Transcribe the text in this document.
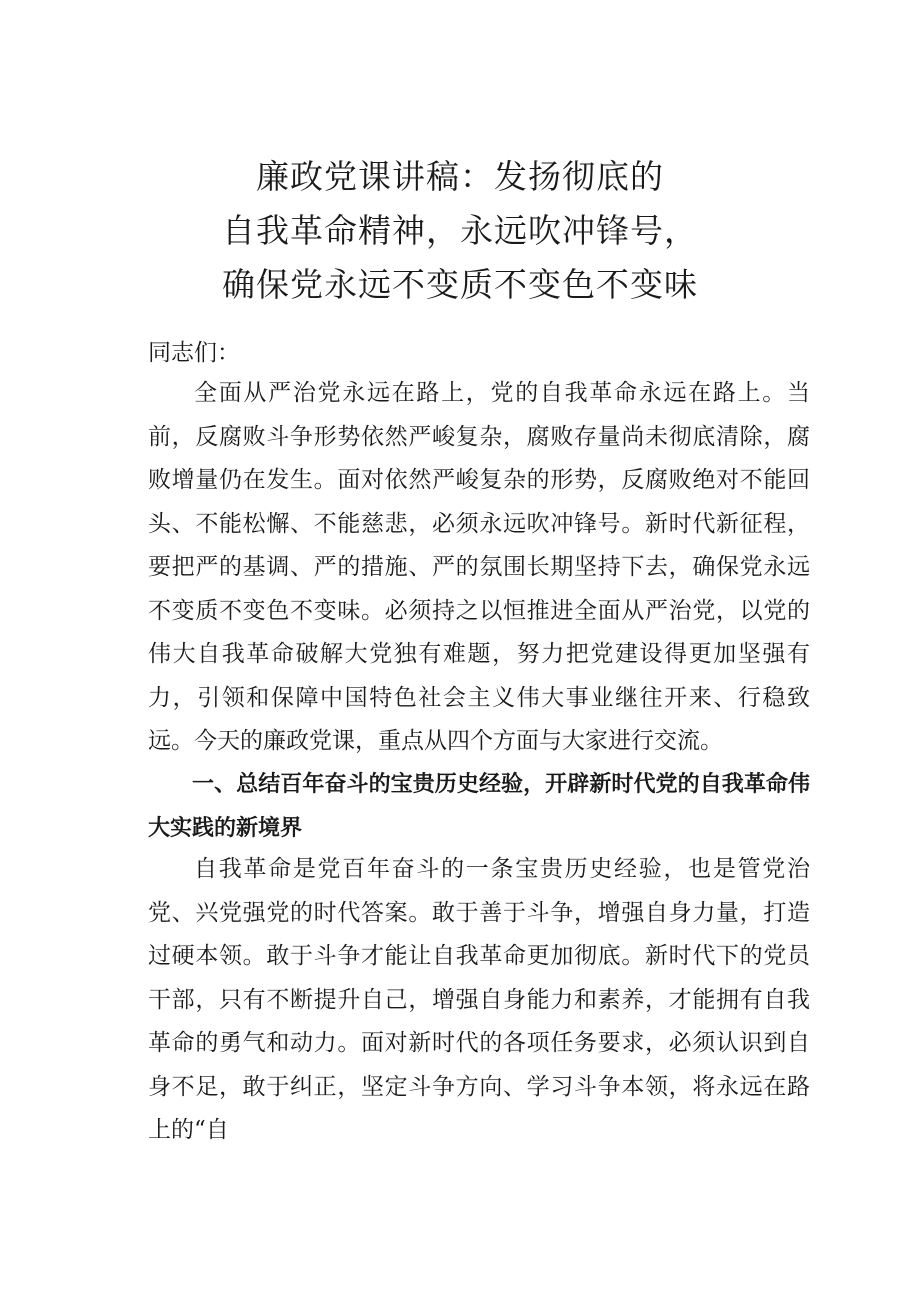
廉政党课讲稿：发扬彻底的
自我革命精神，永远吹冲锋号，
确保党永远不变质不变色不变味
同志们：

全面从严治党永远在路上，党的自我革命永远在路上。当前，反腐败斗争形势依然严峻复杂，腐败存量尚未彻底清除，腐败增量仍在发生。面对依然严峻复杂的形势，反腐败绝对不能回头、不能松懈、不能慈悲，必须永远吹冲锋号。新时代新征程，要把严的基调、严的措施、严的氛围长期坚持下去，确保党永远不变质不变色不变味。必须持之以恒推进全面从严治党，以党的伟大自我革命破解大党独有难题，努力把党建设得更加坚强有力，引领和保障中国特色社会主义伟大事业继往开来、行稳致远。今天的廉政党课，重点从四个方面与大家进行交流。

一、总结百年奋斗的宝贵历史经验，开辟新时代党的自我革命伟大实践的新境界

自我革命是党百年奋斗的一条宝贵历史经验，也是管党治党、兴党强党的时代答案。敢于善于斗争，增强自身力量，打造过硬本领。敢于斗争才能让自我革命更加彻底。新时代下的党员干部，只有不断提升自己，增强自身能力和素养，才能拥有自我革命的勇气和动力。面对新时代的各项任务要求，必须认识到自身不足，敢于纠正，坚定斗争方向、学习斗争本领，将永远在路上的“自
